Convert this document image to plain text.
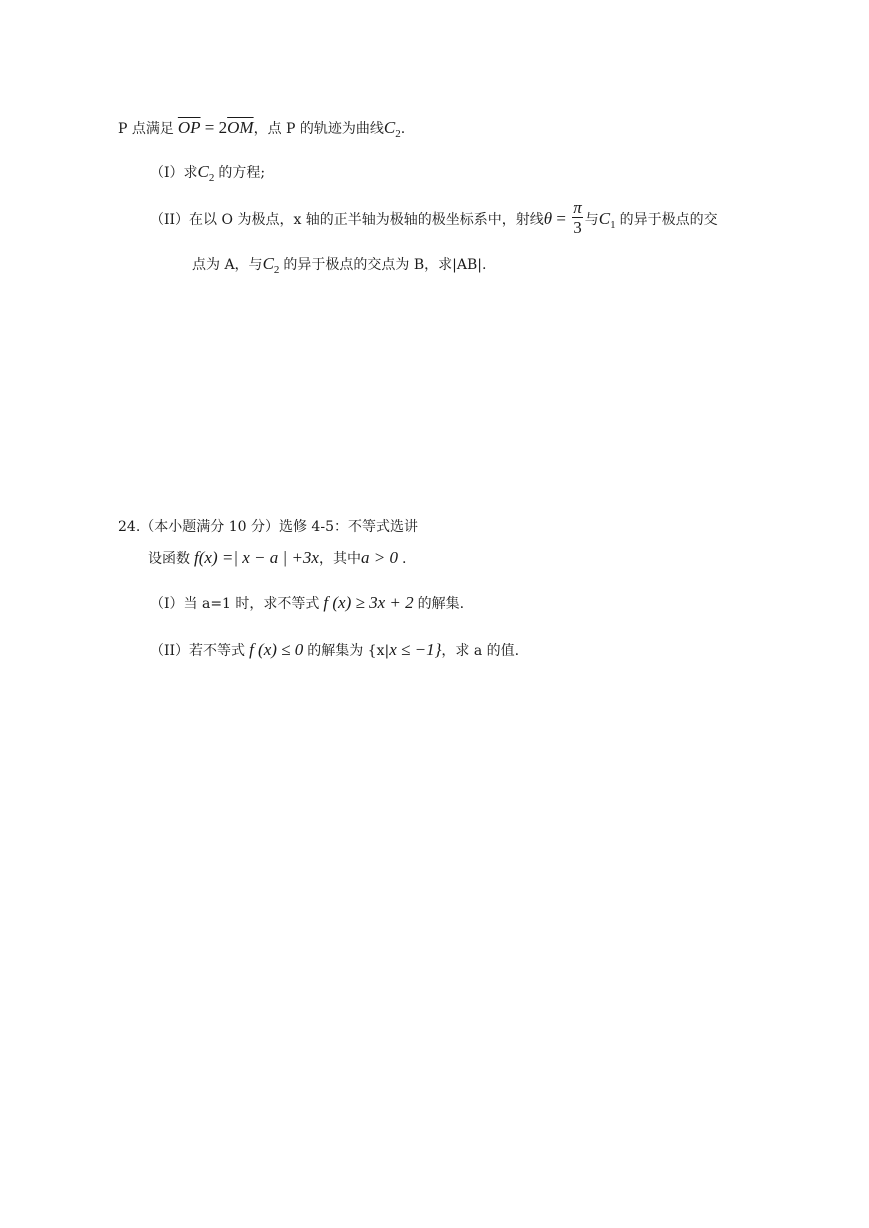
P 点满足 $\overline{OP} = 2\overline{OM}$，点 P 的轨迹为曲线$C_2$.
（I）求$C_2$ 的方程;
（II）在以 O 为极点，x 轴的正半轴为极轴的极坐标系中，射线$\theta = \frac{\pi}{3}$ 与$C_1$ 的异于极点的交
点为 A，与$C_2$ 的异于极点的交点为 B，求|AB|.
24.（本小题满分 10 分）选修 4-5：不等式选讲
设函数 f(x) =| x − a | +3x，其中a > 0 .
（I）当 a=1 时，求不等式 f (x) ≥ 3x + 2 的解集.
（II）若不等式 f (x) ≤ 0 的解集为 {x|x ≤ −1}，求 a 的值.
